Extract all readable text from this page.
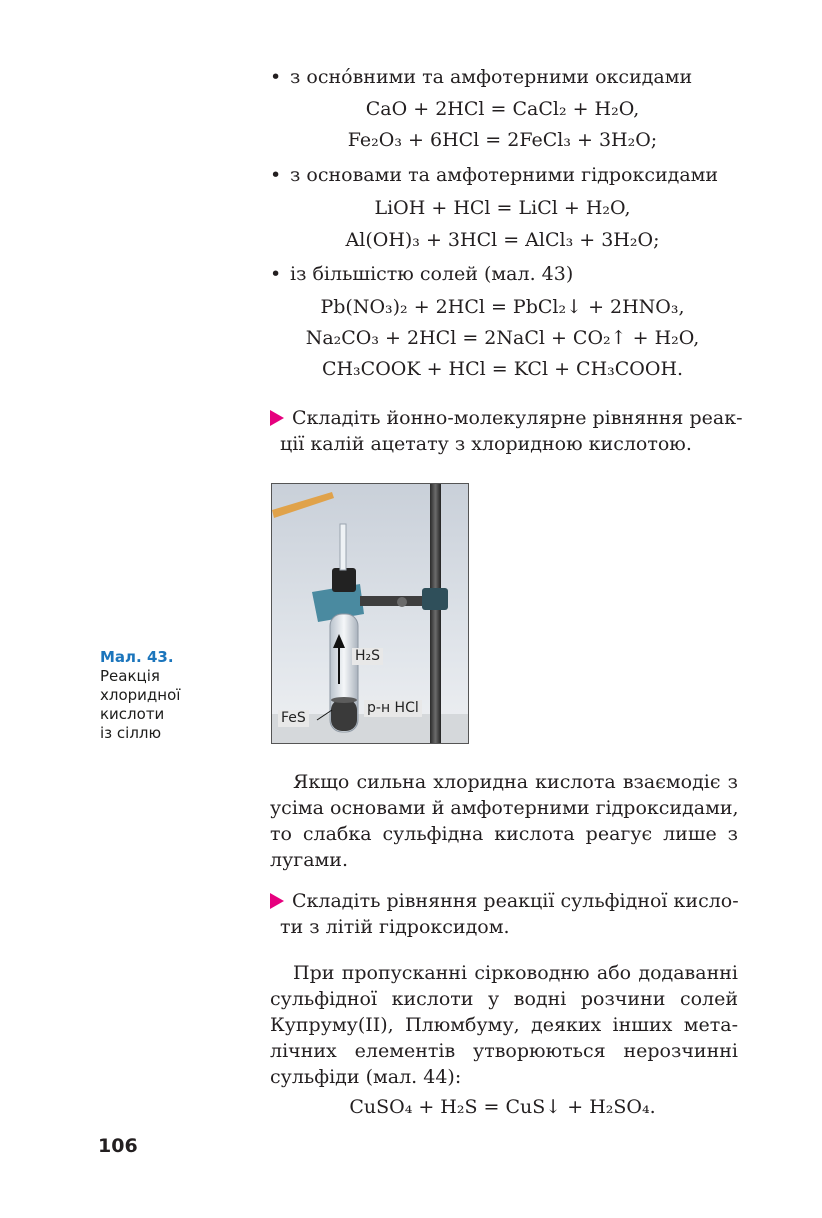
• з осно́вними та амфотерними оксидами
CaO + 2HCl = CaCl₂ + H₂O,
Fe₂O₃ + 6HCl = 2FeCl₃ + 3H₂O;
• з основами та амфотерними гідроксидами
LiOH + HCl = LiCl + H₂O,
Al(OH)₃ + 3HCl = AlCl₃ + 3H₂O;
• із більшістю солей (мал. 43)
Pb(NO₃)₂ + 2HCl = PbCl₂↓ + 2HNO₃,
Na₂CO₃ + 2HCl = 2NaCl + CO₂↑ + H₂O,
CH₃COOK + HCl = KCl + CH₃COOH.
Складіть йонно-молекулярне рівняння реак-
ції калій ацетату з хлоридною кислотою.
H₂S
р-н HCl
FeS
Мал. 43.
Реакція
хлоридної
кислоти
із сіллю
Якщо сильна хлоридна кислота взаємодіє з
усіма основами й амфотерними гідроксидами,
то слабка сульфідна кислота реагує лише з
лугами.
Складіть рівняння реакції сульфідної кисло-
ти з літій гідроксидом.
При пропусканні сірководню або додаванні
сульфідної кислоти у водні розчини солей
Купруму(II), Плюмбуму, деяких інших мета-
лічних елементів утворюються нерозчинні
сульфіди (мал. 44):
CuSO₄ + H₂S = CuS↓ + H₂SO₄.
106
